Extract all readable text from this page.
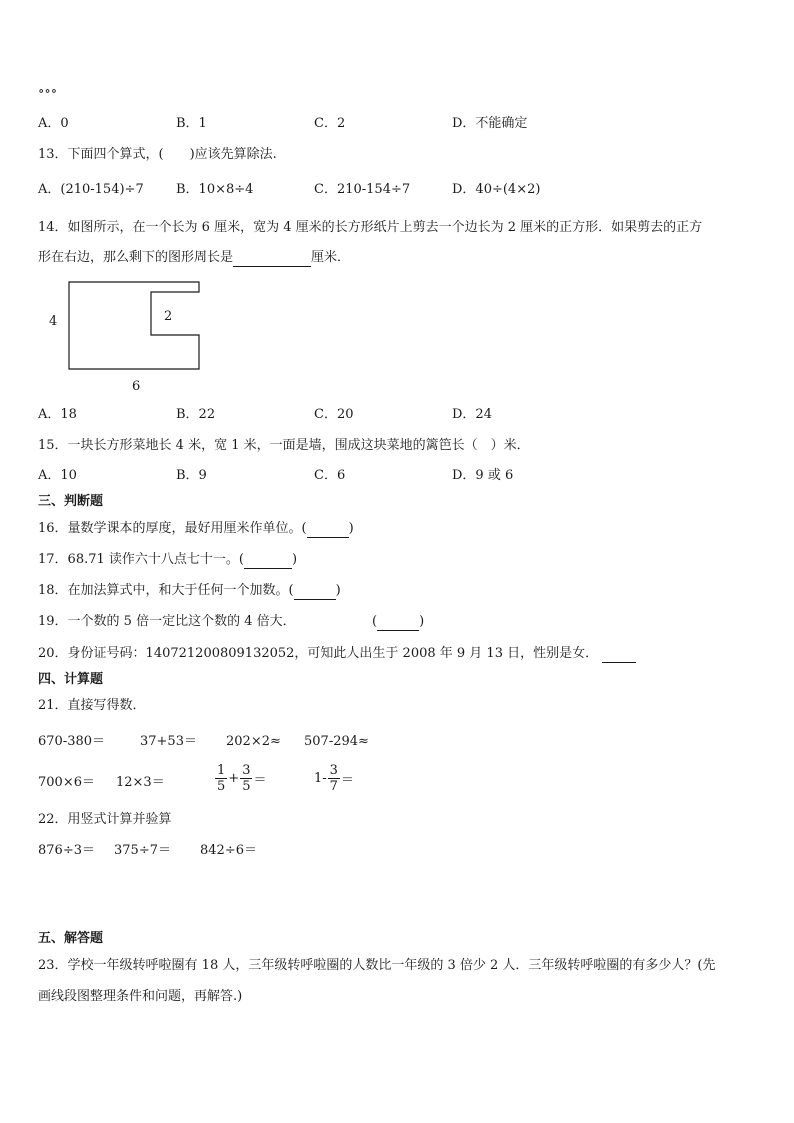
∘∘∘
A．0	B．1	C．2	D．不能确定
13．下面四个算式，(　　)应该先算除法.
A．(210-154)÷7 B．10×8÷4	C．210-154÷7	D．40÷(4×2)
14．如图所示，在一个长为 6 厘米，宽为 4 厘米的长方形纸片上剪去一个边长为 2 厘米的正方形．如果剪去的正方
形在右边，那么剩下的图形周长是	厘米．
4	2
6
A．18	B．22	C．20	D．24
15．一块长方形菜地长 4 米，宽 1 米，一面是墙，围成这块菜地的篱笆长（　）米．
A．10	B．9	C．6	D．9 或 6
三、判断题
16．量数学课本的厚度，最好用厘米作单位。(	)
17．68.71 读作六十八点七十一。(	)
18．在加法算式中，和大于任何一个加数。(	)
19．一个数的 5 倍一定比这个数的 4 倍大．	(	)
20．身份证号码：140721200809132052，可知此人出生于 2008 年 9 月 13 日，性别是女．
四、计算题
21．直接写得数．
670-380＝	37+53＝ 202×2≈ 507-294≈
700×6＝ 12×3＝	$\frac{1}{5} + \frac{3}{5}$ ＝	$1- \frac{3}{7}$ ＝
22．用竖式计算并验算
876÷3＝ 375÷7＝ 842÷6＝
五、解答题
23．学校一年级转呼啦圈有 18 人，三年级转呼啦圈的人数比一年级的 3 倍少 2 人．三年级转呼啦圈的有多少人？(先
画线段图整理条件和问题，再解答.)
